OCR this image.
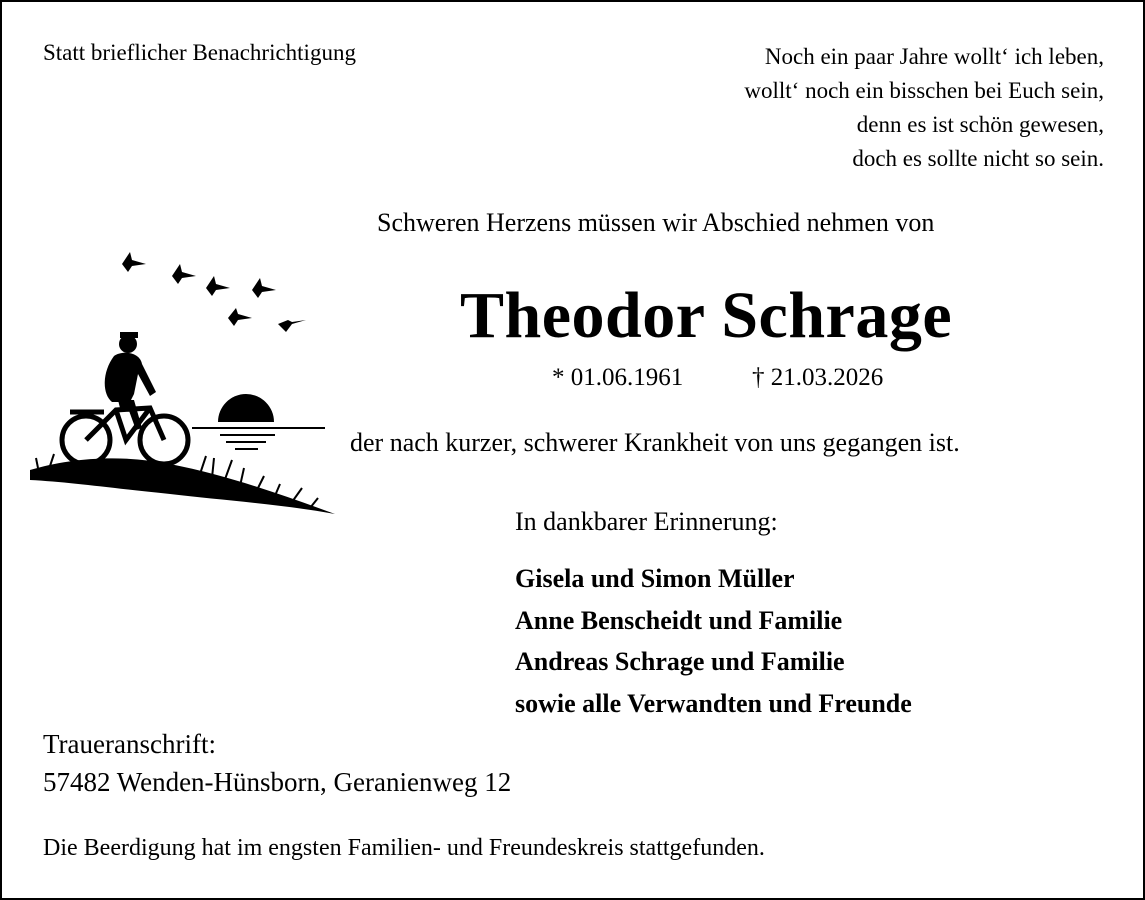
Statt brieflicher Benachrichtigung	Noch ein paar Jahre wollt‘ ich leben,
wollt‘ noch ein bisschen bei Euch sein,
denn es ist schön gewesen,
doch es sollte nicht so sein.
Schweren Herzens müssen wir Abschied nehmen von
Theodor Schrage
* 01.06.1961	† 21.03.2026
der nach kurzer, schwerer Krankheit von uns gegangen ist.
In dankbarer Erinnerung:
Gisela und Simon Müller
Anne Benscheidt und Familie
Andreas Schrage und Familie
sowie alle Verwandten und Freunde
Traueranschrift:
57482 Wenden-Hünsborn, Geranienweg 12
Die Beerdigung hat im engsten Familien- und Freundeskreis stattgefunden.
